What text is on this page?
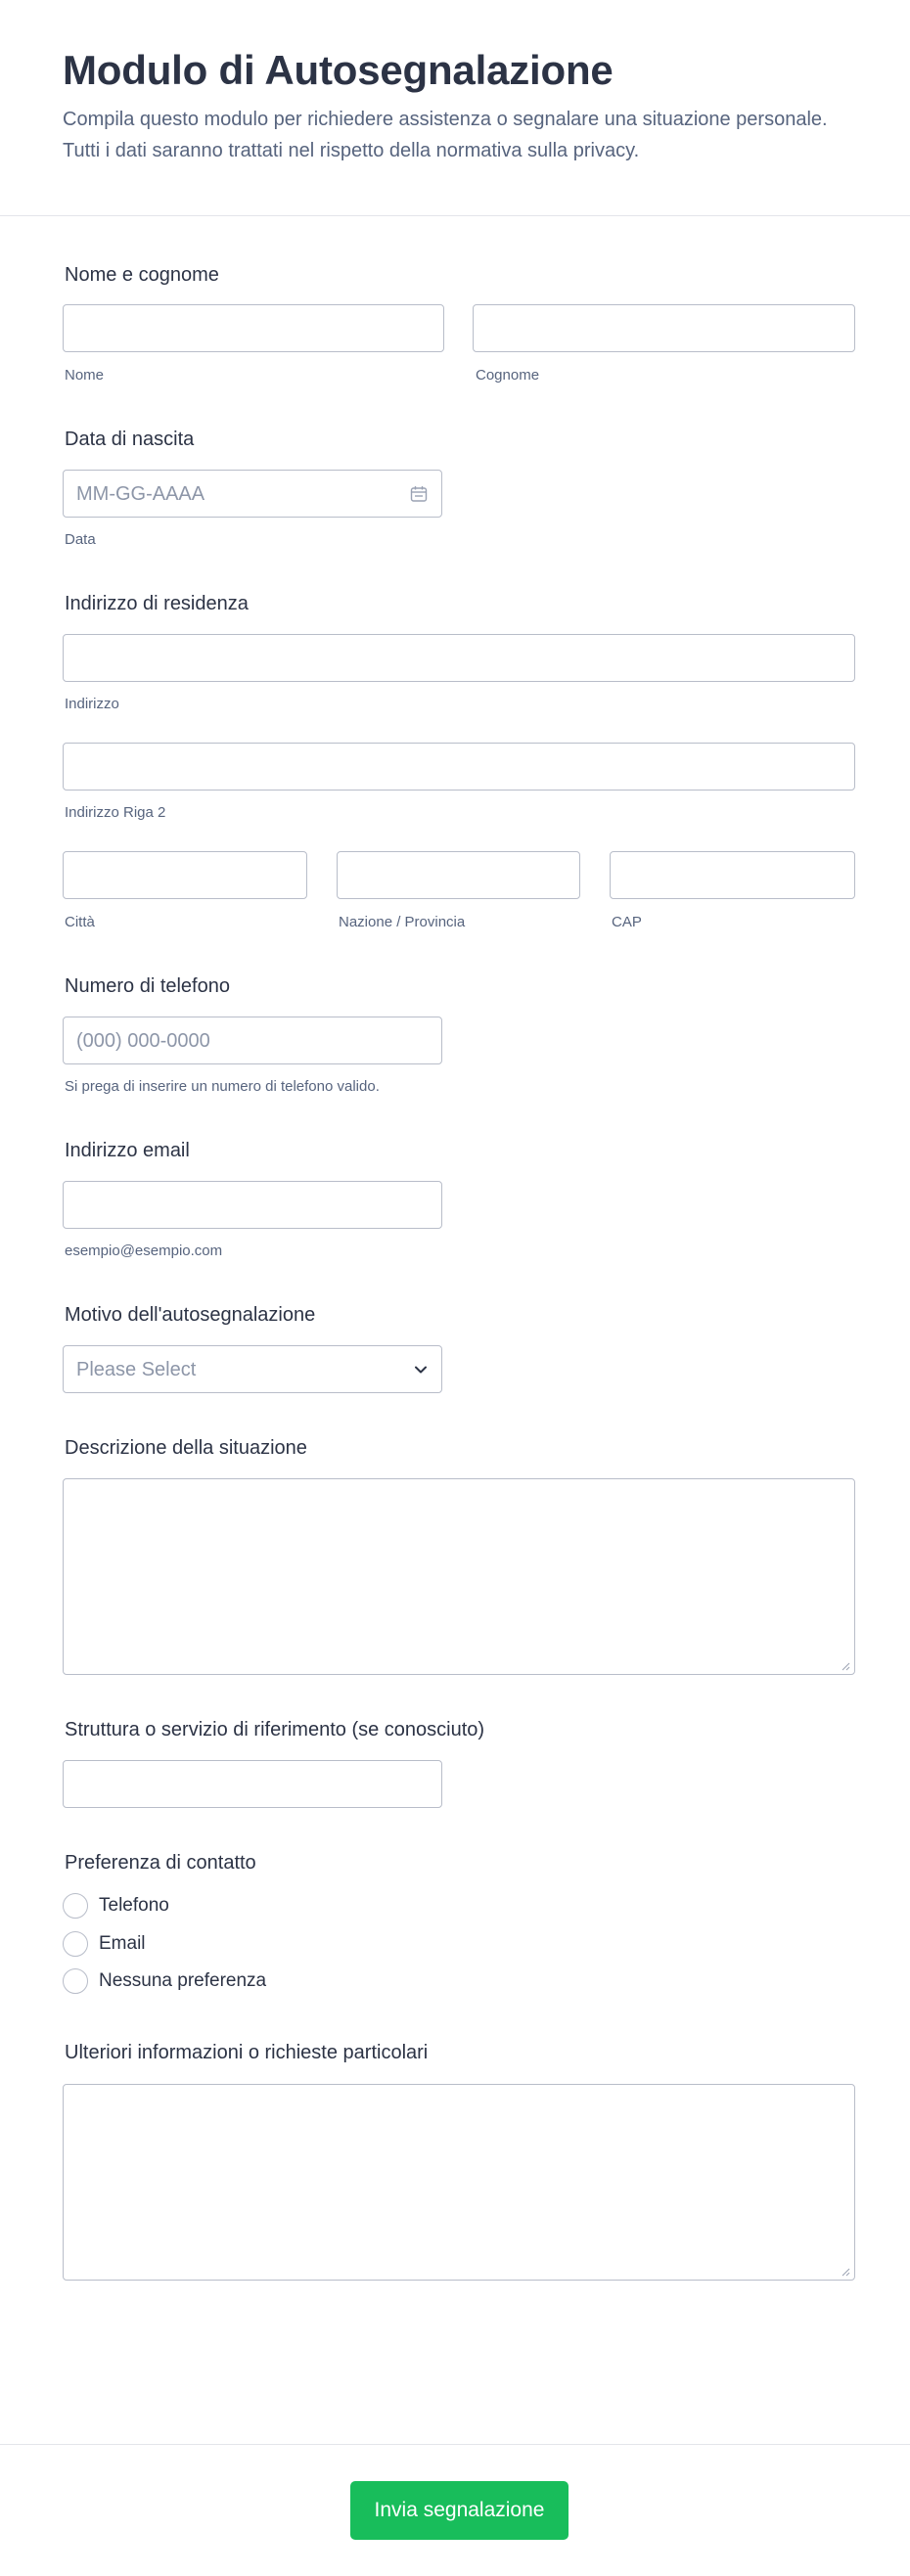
Modulo di Autosegnalazione
Compila questo modulo per richiedere assistenza o segnalare una situazione personale. Tutti i dati saranno trattati nel rispetto della normativa sulla privacy.
Nome e cognome
Nome	Cognome
Data di nascita
MM-GG-AAAA
Data
Indirizzo di residenza
Indirizzo
Indirizzo Riga 2
Città	Nazione / Provincia	CAP
Numero di telefono
(000) 000-0000
Si prega di inserire un numero di telefono valido.
Indirizzo email
esempio@esempio.com
Motivo dell'autosegnalazione
Please Select
Descrizione della situazione
Struttura o servizio di riferimento (se conosciuto)
Preferenza di contatto
Telefono
Email
Nessuna preferenza
Ulteriori informazioni o richieste particolari
Invia segnalazione
